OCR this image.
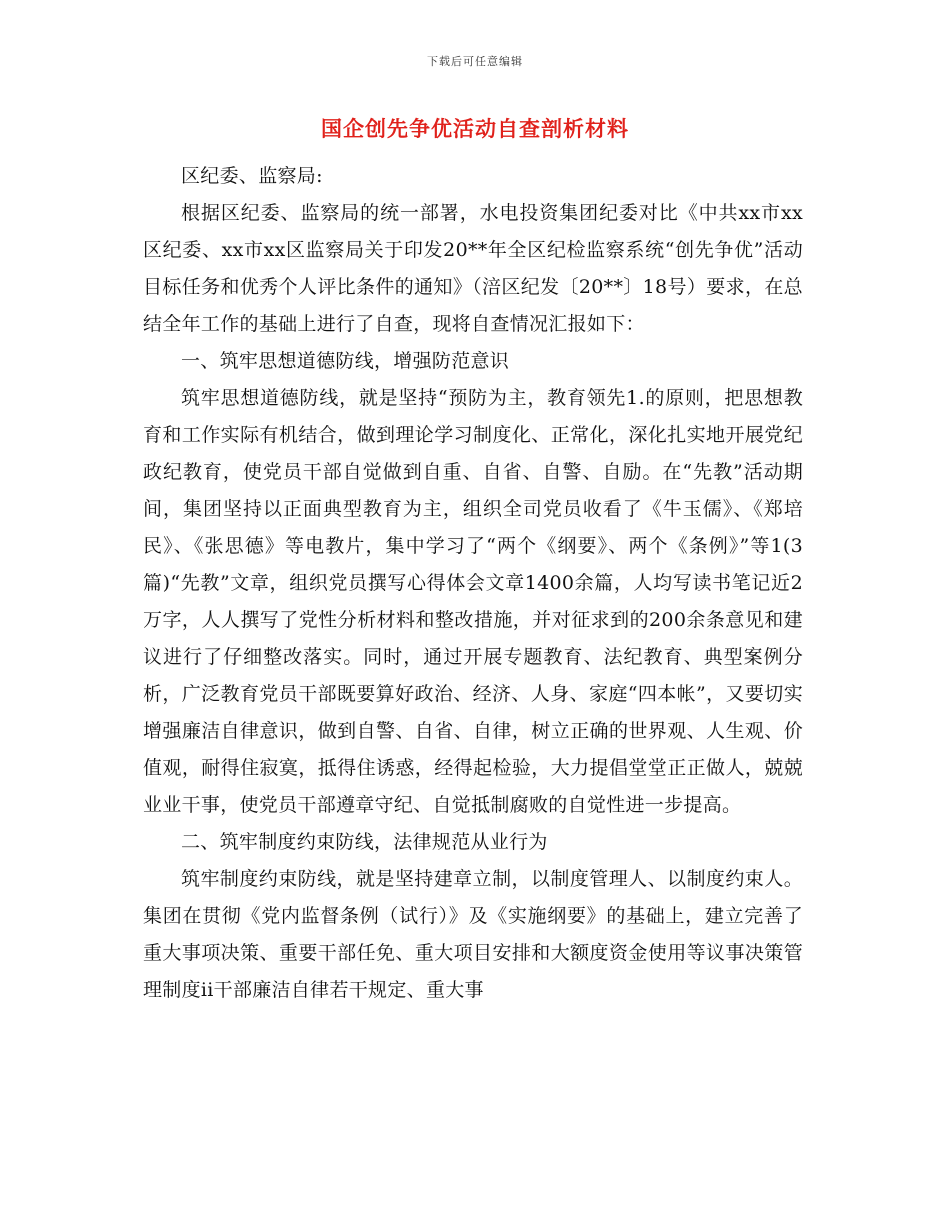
下载后可任意编辑
国企创先争优活动自查剖析材料

区纪委、监察局:

根据区纪委、监察局的统一部署，水电投资集团纪委对比《中共xx市xx区纪委、xx市xx区监察局关于印发20**年全区纪检监察系统“创先争优”活动目标任务和优秀个人评比条件的通知》（涪区纪发〔20**〕18号）要求，在总结全年工作的基础上进行了自查，现将自查情况汇报如下：

一、筑牢思想道德防线，增强防范意识

筑牢思想道德防线，就是坚持“预防为主，教育领先1.的原则，把思想教育和工作实际有机结合，做到理论学习制度化、正常化，深化扎实地开展党纪政纪教育，使党员干部自觉做到自重、自省、自警、自励。在“先教”活动期间，集团坚持以正面典型教育为主，组织全司党员收看了《牛玉儒》、《郑培民》、《张思德》等电教片，集中学习了“两个《纲要》、两个《条例》”等1(3篇)“先教”文章，组织党员撰写心得体会文章1400余篇，人均写读书笔记近2万字，人人撰写了党性分析材料和整改措施，并对征求到的200余条意见和建议进行了仔细整改落实。同时，通过开展专题教育、法纪教育、典型案例分析，广泛教育党员干部既要算好政治、经济、人身、家庭“四本帐”，又要切实增强廉洁自律意识，做到自警、自省、自律，树立正确的世界观、人生观、价值观，耐得住寂寞，抵得住诱惑，经得起检验，大力提倡堂堂正正做人，兢兢业业干事，使党员干部遵章守纪、自觉抵制腐败的自觉性进一步提高。

二、筑牢制度约束防线，法律规范从业行为

筑牢制度约束防线，就是坚持建章立制，以制度管理人、以制度约束人。集团在贯彻《党内监督条例（试行）》及《实施纲要》的基础上，建立完善了重大事项决策、重要干部任免、重大项目安排和大额度资金使用等议事决策管理制度ii干部廉洁自律若干规定、重大事
